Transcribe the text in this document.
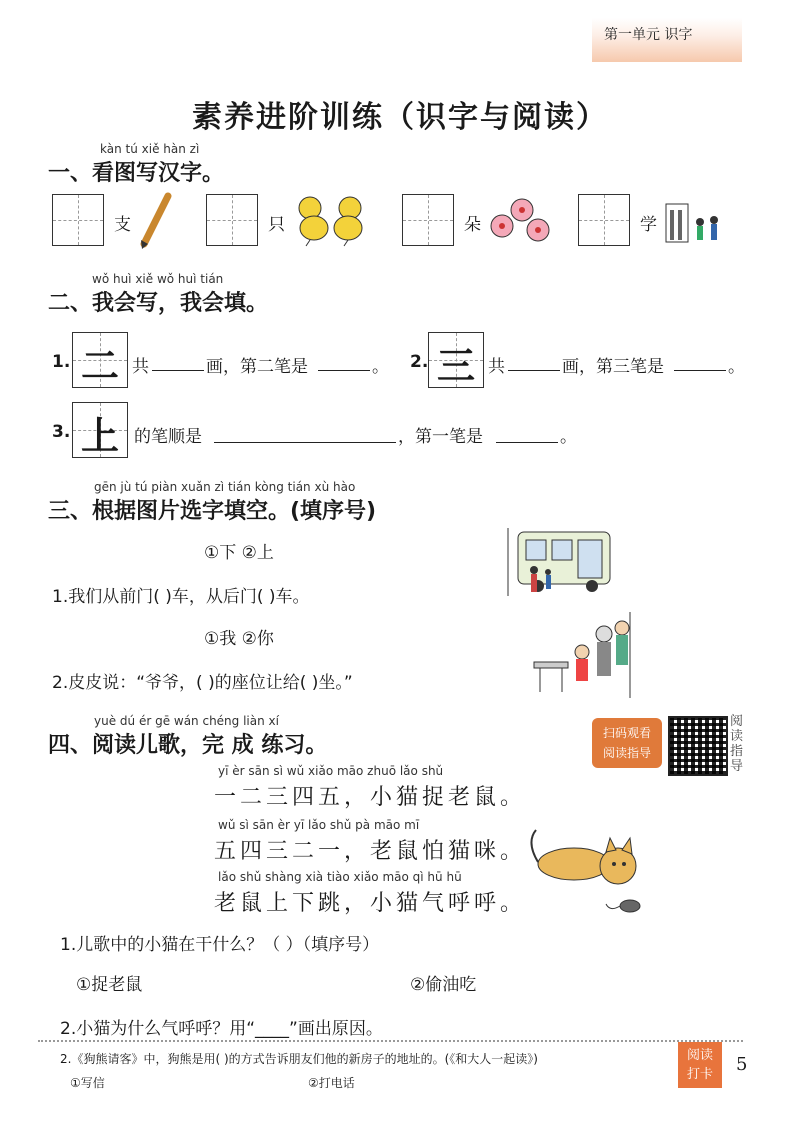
第一单元 识字
素养进阶训练（识字与阅读）
kàn tú xiě hàn zì
一、看图写汉字。
支	只	朵	学
wǒ huì xiě wǒ huì tián
二、我会写，我会填。
1. 二 共	画，第二笔是	。 2. 三 共	画，第三笔是	。
3. 上 的笔顺是	，第一笔是	。
gēn jù tú piàn xuǎn zì tián kòng tián xù hào
三、根据图片选字填空。(填序号)
①下 ②上
1.我们从前门( )车，从后门( )车。
①我 ②你
2.皮皮说：“爷爷，( )的座位让给( )坐。”
yuè dú ér gē wán chéng liàn xí
四、阅读儿歌，完 成 练习。	扫码观看
阅读指导
阅读指导
yī èr sān sì wǔ xiǎo māo zhuō lǎo shǔ
一二三四五，小猫捉老鼠。
wǔ sì sān èr yī lǎo shǔ pà māo mī
五四三二一，老鼠怕猫咪。
lǎo shǔ shàng xià tiào xiǎo māo qì hū hū
老鼠上下跳，小猫气呼呼。
1.儿歌中的小猫在干什么？（ ）（填序号）
①捉老鼠	②偷油吃
2.小猫为什么气呼呼？用“____”画出原因。
2.《狗熊请客》中，狗熊是用( )的方式告诉朋友们他的新房子的地址的。(《和大人一起读》)
①写信	②打电话
阅读
打卡	5
